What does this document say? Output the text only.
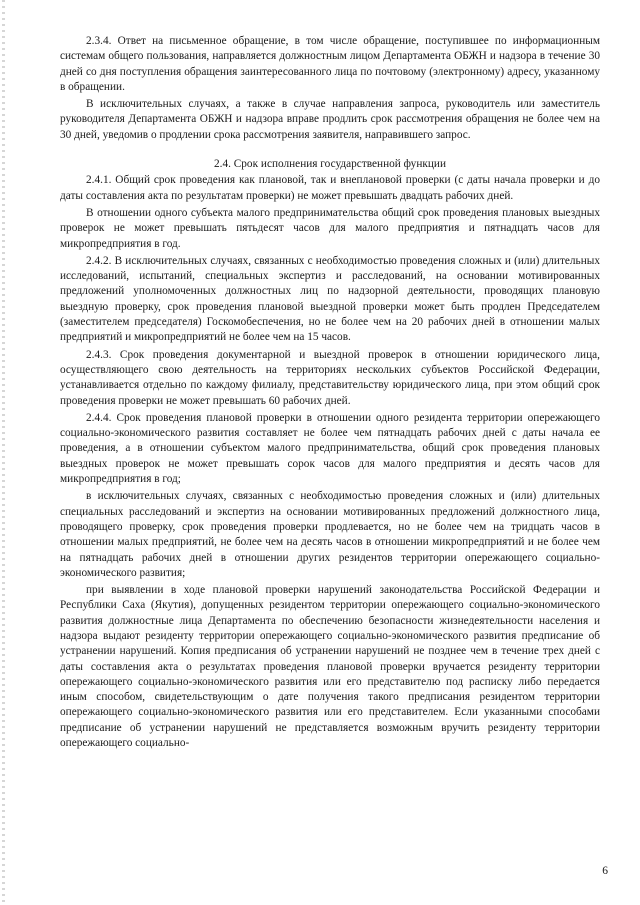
2.3.4. Ответ на письменное обращение, в том числе обращение, поступившее по информационным системам общего пользования, направляется должностным лицом Департамента ОБЖН и надзора в течение 30 дней со дня поступления обращения заинтересованного лица по почтовому (электронному) адресу, указанному в обращении.

В исключительных случаях, а также в случае направления запроса, руководитель или заместитель руководителя Департамента ОБЖН и надзора вправе продлить срок рассмотрения обращения не более чем на 30 дней, уведомив о продлении срока рассмотрения заявителя, направившего запрос.

2.4. Срок исполнения государственной функции

2.4.1. Общий срок проведения как плановой, так и внеплановой проверки (с даты начала проверки и до даты составления акта по результатам проверки) не может превышать двадцать рабочих дней.

В отношении одного субъекта малого предпринимательства общий срок проведения плановых выездных проверок не может превышать пятьдесят часов для малого предприятия и пятнадцать часов для микропредприятия в год.

2.4.2. В исключительных случаях, связанных с необходимостью проведения сложных и (или) длительных исследований, испытаний, специальных экспертиз и расследований, на основании мотивированных предложений уполномоченных должностных лиц по надзорной деятельности, проводящих плановую выездную проверку, срок проведения плановой выездной проверки может быть продлен Председателем (заместителем председателя) Госкомобеспечения, но не более чем на 20 рабочих дней в отношении малых предприятий и микропредприятий не более чем на 15 часов.

2.4.3. Срок проведения документарной и выездной проверок в отношении юридического лица, осуществляющего свою деятельность на территориях нескольких субъектов Российской Федерации, устанавливается отдельно по каждому филиалу, представительству юридического лица, при этом общий срок проведения проверки не может превышать 60 рабочих дней.

2.4.4. Срок проведения плановой проверки в отношении одного резидента территории опережающего социально-экономического развития составляет не более чем пятнадцать рабочих дней с даты начала ее проведения, а в отношении субъектом малого предпринимательства, общий срок проведения плановых выездных проверок не может превышать сорок часов для малого предприятия и десять часов для микропредприятия в год;

в исключительных случаях, связанных с необходимостью проведения сложных и (или) длительных специальных расследований и экспертиз на основании мотивированных предложений должностного лица, проводящего проверку, срок проведения проверки продлевается, но не более чем на тридцать часов в отношении малых предприятий, не более чем на десять часов в отношении микропредприятий и не более чем на пятнадцать рабочих дней в отношении других резидентов территории опережающего социально-экономического развития;

при выявлении в ходе плановой проверки нарушений законодательства Российской Федерации и Республики Саха (Якутия), допущенных резидентом территории опережающего социально-экономического развития должностные лица Департамента по обеспечению безопасности жизнедеятельности населения и надзора выдают резиденту территории опережающего социально-экономического развития предписание об устранении нарушений. Копия предписания об устранении нарушений не позднее чем в течение трех дней с даты составления акта о результатах проведения плановой проверки вручается резиденту территории опережающего социально-экономического развития или его представителю под расписку либо передается иным способом, свидетельствующим о дате получения такого предписания резидентом территории опережающего социально-экономического развития или его представителем. Если указанными способами предписание об устранении нарушений не представляется возможным вручить резиденту территории опережающего социально-

6
